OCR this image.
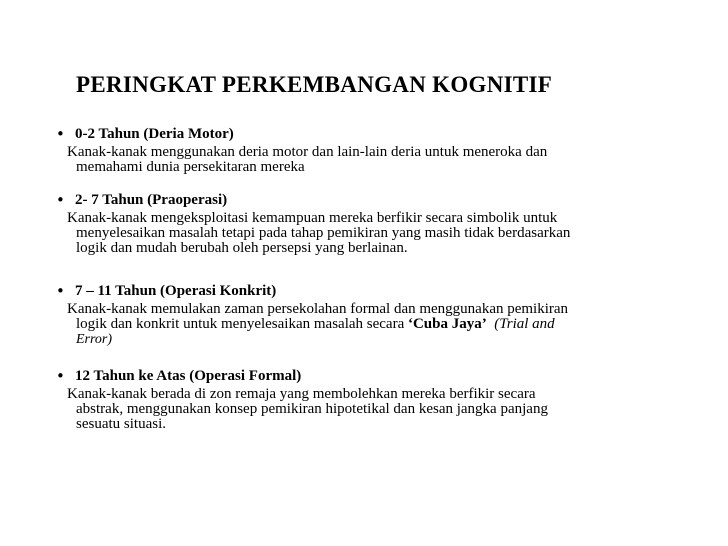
PERINGKAT PERKEMBANGAN KOGNITIF
• 0-2 Tahun (Deria Motor)
Kanak-kanak menggunakan deria motor dan lain-lain deria untuk meneroka dan
memahami dunia persekitaran mereka
• 2- 7 Tahun (Praoperasi)
Kanak-kanak mengeksploitasi kemampuan mereka berfikir secara simbolik untuk
menyelesaikan masalah tetapi pada tahap pemikiran yang masih tidak berdasarkan
logik dan mudah berubah oleh persepsi yang berlainan.
• 7 – 11 Tahun (Operasi Konkrit)
Kanak-kanak memulakan zaman persekolahan formal dan menggunakan pemikiran
logik dan konkrit untuk menyelesaikan masalah secara ‘Cuba Jaya’ (Trial and
Error)
• 12 Tahun ke Atas (Operasi Formal)
Kanak-kanak berada di zon remaja yang membolehkan mereka berfikir secara
abstrak, menggunakan konsep pemikiran hipotetikal dan kesan jangka panjang
sesuatu situasi.
